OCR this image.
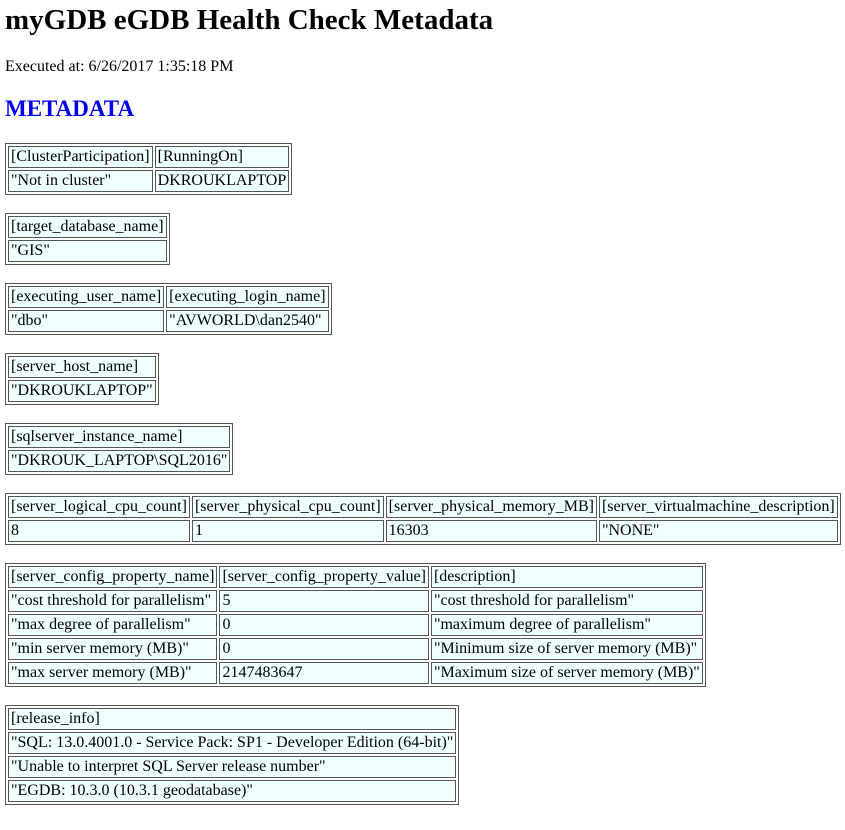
myGDB eGDB Health Check Metadata

Executed at: 6/26/2017 1:35:18 PM

METADATA
[ClusterParticipation]	[RunningOn]
"Not in cluster"	DKROUKLAPTOP
[target_database_name]
"GIS"
[executing_user_name]	[executing_login_name]
"dbo"	"AVWORLD\dan2540"
[server_host_name]
"DKROUKLAPTOP"
[sqlserver_instance_name]
"DKROUK_LAPTOP\SQL2016"
[server_logical_cpu_count]	[server_physical_cpu_count]	[server_physical_memory_MB]	[server_virtualmachine_description]
8	1	16303	"NONE"
[server_config_property_name]	[server_config_property_value]	[description]
"cost threshold for parallelism"	5	"cost threshold for parallelism"
"max degree of parallelism"	0	"maximum degree of parallelism"
"min server memory (MB)"	0	"Minimum size of server memory (MB)"
"max server memory (MB)"	2147483647	"Maximum size of server memory (MB)"
[release_info]
"SQL: 13.0.4001.0 - Service Pack: SP1 - Developer Edition (64-bit)"
"Unable to interpret SQL Server release number"
"EGDB: 10.3.0 (10.3.1 geodatabase)"
